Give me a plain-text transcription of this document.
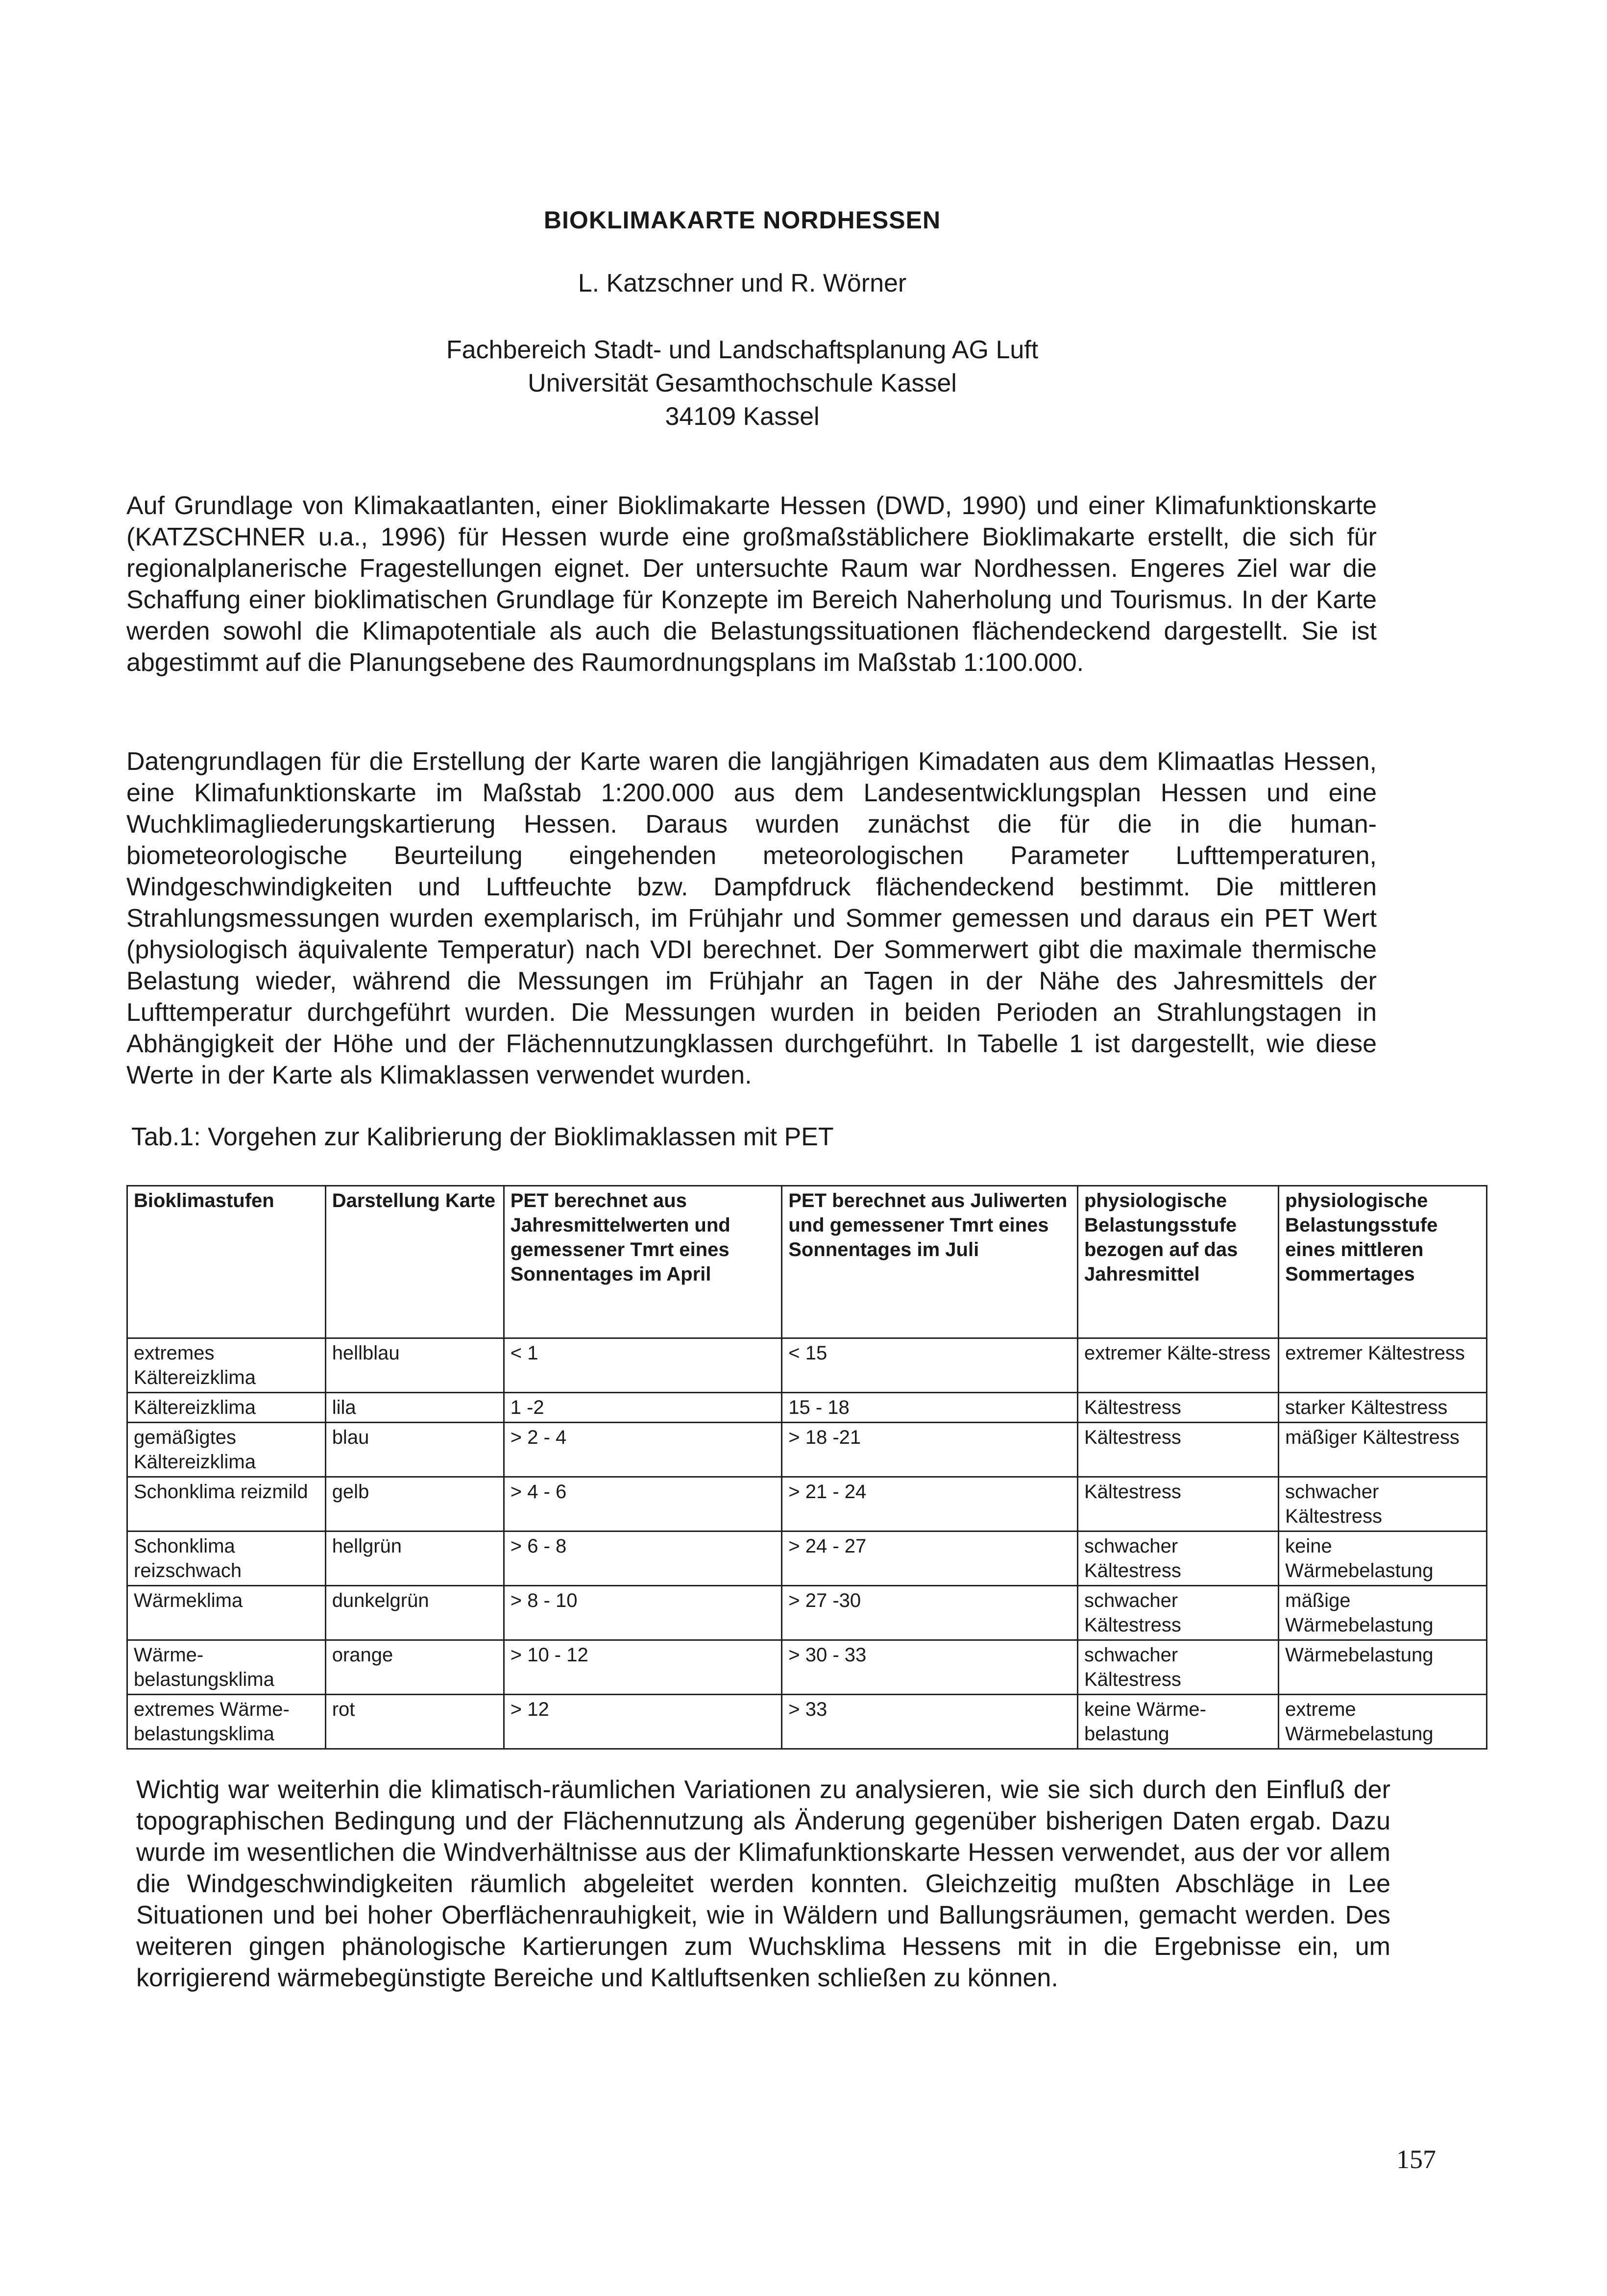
BIOKLIMAKARTE NORDHESSEN
L. Katzschner und R. Wörner
Fachbereich Stadt- und Landschaftsplanung AG Luft
Universität Gesamthochschule Kassel
34109 Kassel

Auf Grundlage von Klimakaatlanten, einer Bioklimakarte Hessen (DWD, 1990) und einer Klimafunktionskarte (KATZSCHNER u.a., 1996) für Hessen wurde eine großmaßstäblichere Bioklimakarte erstellt, die sich für regionalplanerische Fragestellungen eignet. Der untersuchte Raum war Nordhessen. Engeres Ziel war die Schaffung einer bioklimatischen Grundlage für Konzepte im Bereich Naherholung und Tourismus. In der Karte werden sowohl die Klimapotentiale als auch die Belastungssituationen flächendeckend dargestellt. Sie ist abgestimmt auf die Planungsebene des Raumordnungsplans im Maßstab 1:100.000.

Datengrundlagen für die Erstellung der Karte waren die langjährigen Kimadaten aus dem Klimaatlas Hessen, eine Klimafunktionskarte im Maßstab 1:200.000 aus dem Landesentwicklungsplan Hessen und eine Wuchklimagliederungskartierung Hessen. Daraus wurden zunächst die für die in die human-biometeorologische Beurteilung eingehenden meteorologischen Parameter Lufttemperaturen, Windgeschwindigkeiten und Luftfeuchte bzw. Dampfdruck flächendeckend bestimmt. Die mittleren Strahlungsmessungen wurden exemplarisch, im Frühjahr und Sommer gemessen und daraus ein PET Wert (physiologisch äquivalente Temperatur) nach VDI berechnet. Der Sommerwert gibt die maximale thermische Belastung wieder, während die Messungen im Frühjahr an Tagen in der Nähe des Jahresmittels der Lufttemperatur durchgeführt wurden. Die Messungen wurden in beiden Perioden an Strahlungstagen in Abhängigkeit der Höhe und der Flächennutzungklassen durchgeführt. In Tabelle 1 ist dargestellt, wie diese Werte in der Karte als Klimaklassen verwendet wurden.

Tab.1: Vorgehen zur Kalibrierung der Bioklimaklassen mit PET
Bioklimastufen	Darstellung Karte	PET berechnet aus Jahresmittelwerten und gemessener Tmrt eines Sonnentages im April	PET berechnet aus Juliwerten und gemessener Tmrt eines Sonnentages im Juli	physiologische Belastungsstufe bezogen auf das Jahresmittel	physiologische Belastungsstufe eines mittleren Sommertages
extremes Kältereizklima	hellblau	< 1	< 15	extremer Kälte-stress	extremer Kältestress
Kältereizklima	lila	1 -2	15 - 18	Kältestress	starker Kältestress
gemäßigtes Kältereizklima	blau	> 2 - 4	> 18 -21	Kältestress	mäßiger Kältestress
Schonklima reizmild	gelb	> 4 - 6	> 21 - 24	Kältestress	schwacher Kältestress
Schonklima reizschwach	hellgrün	> 6 - 8	> 24 - 27	schwacher Kältestress	keine Wärmebelastung
Wärmeklima	dunkelgrün	> 8 - 10	> 27 -30	schwacher Kältestress	mäßige Wärmebelastung
Wärme-belastungsklima	orange	> 10 - 12	> 30 - 33	schwacher Kältestress	Wärmebelastung
extremes Wärme-belastungsklima	rot	> 12	> 33	keine Wärme-belastung	extreme Wärmebelastung

Wichtig war weiterhin die klimatisch-räumlichen Variationen zu analysieren, wie sie sich durch den Einfluß der topographischen Bedingung und der Flächennutzung als Änderung gegenüber bisherigen Daten ergab. Dazu wurde im wesentlichen die Windverhältnisse aus der Klimafunktionskarte Hessen verwendet, aus der vor allem die Windgeschwindigkeiten räumlich abgeleitet werden konnten. Gleichzeitig mußten Abschläge in Lee Situationen und bei hoher Oberflächenrauhigkeit, wie in Wäldern und Ballungsräumen, gemacht werden. Des weiteren gingen phänologische Kartierungen zum Wuchsklima Hessens mit in die Ergebnisse ein, um korrigierend wärmebegünstigte Bereiche und Kaltluftsenken schließen zu können.

157
